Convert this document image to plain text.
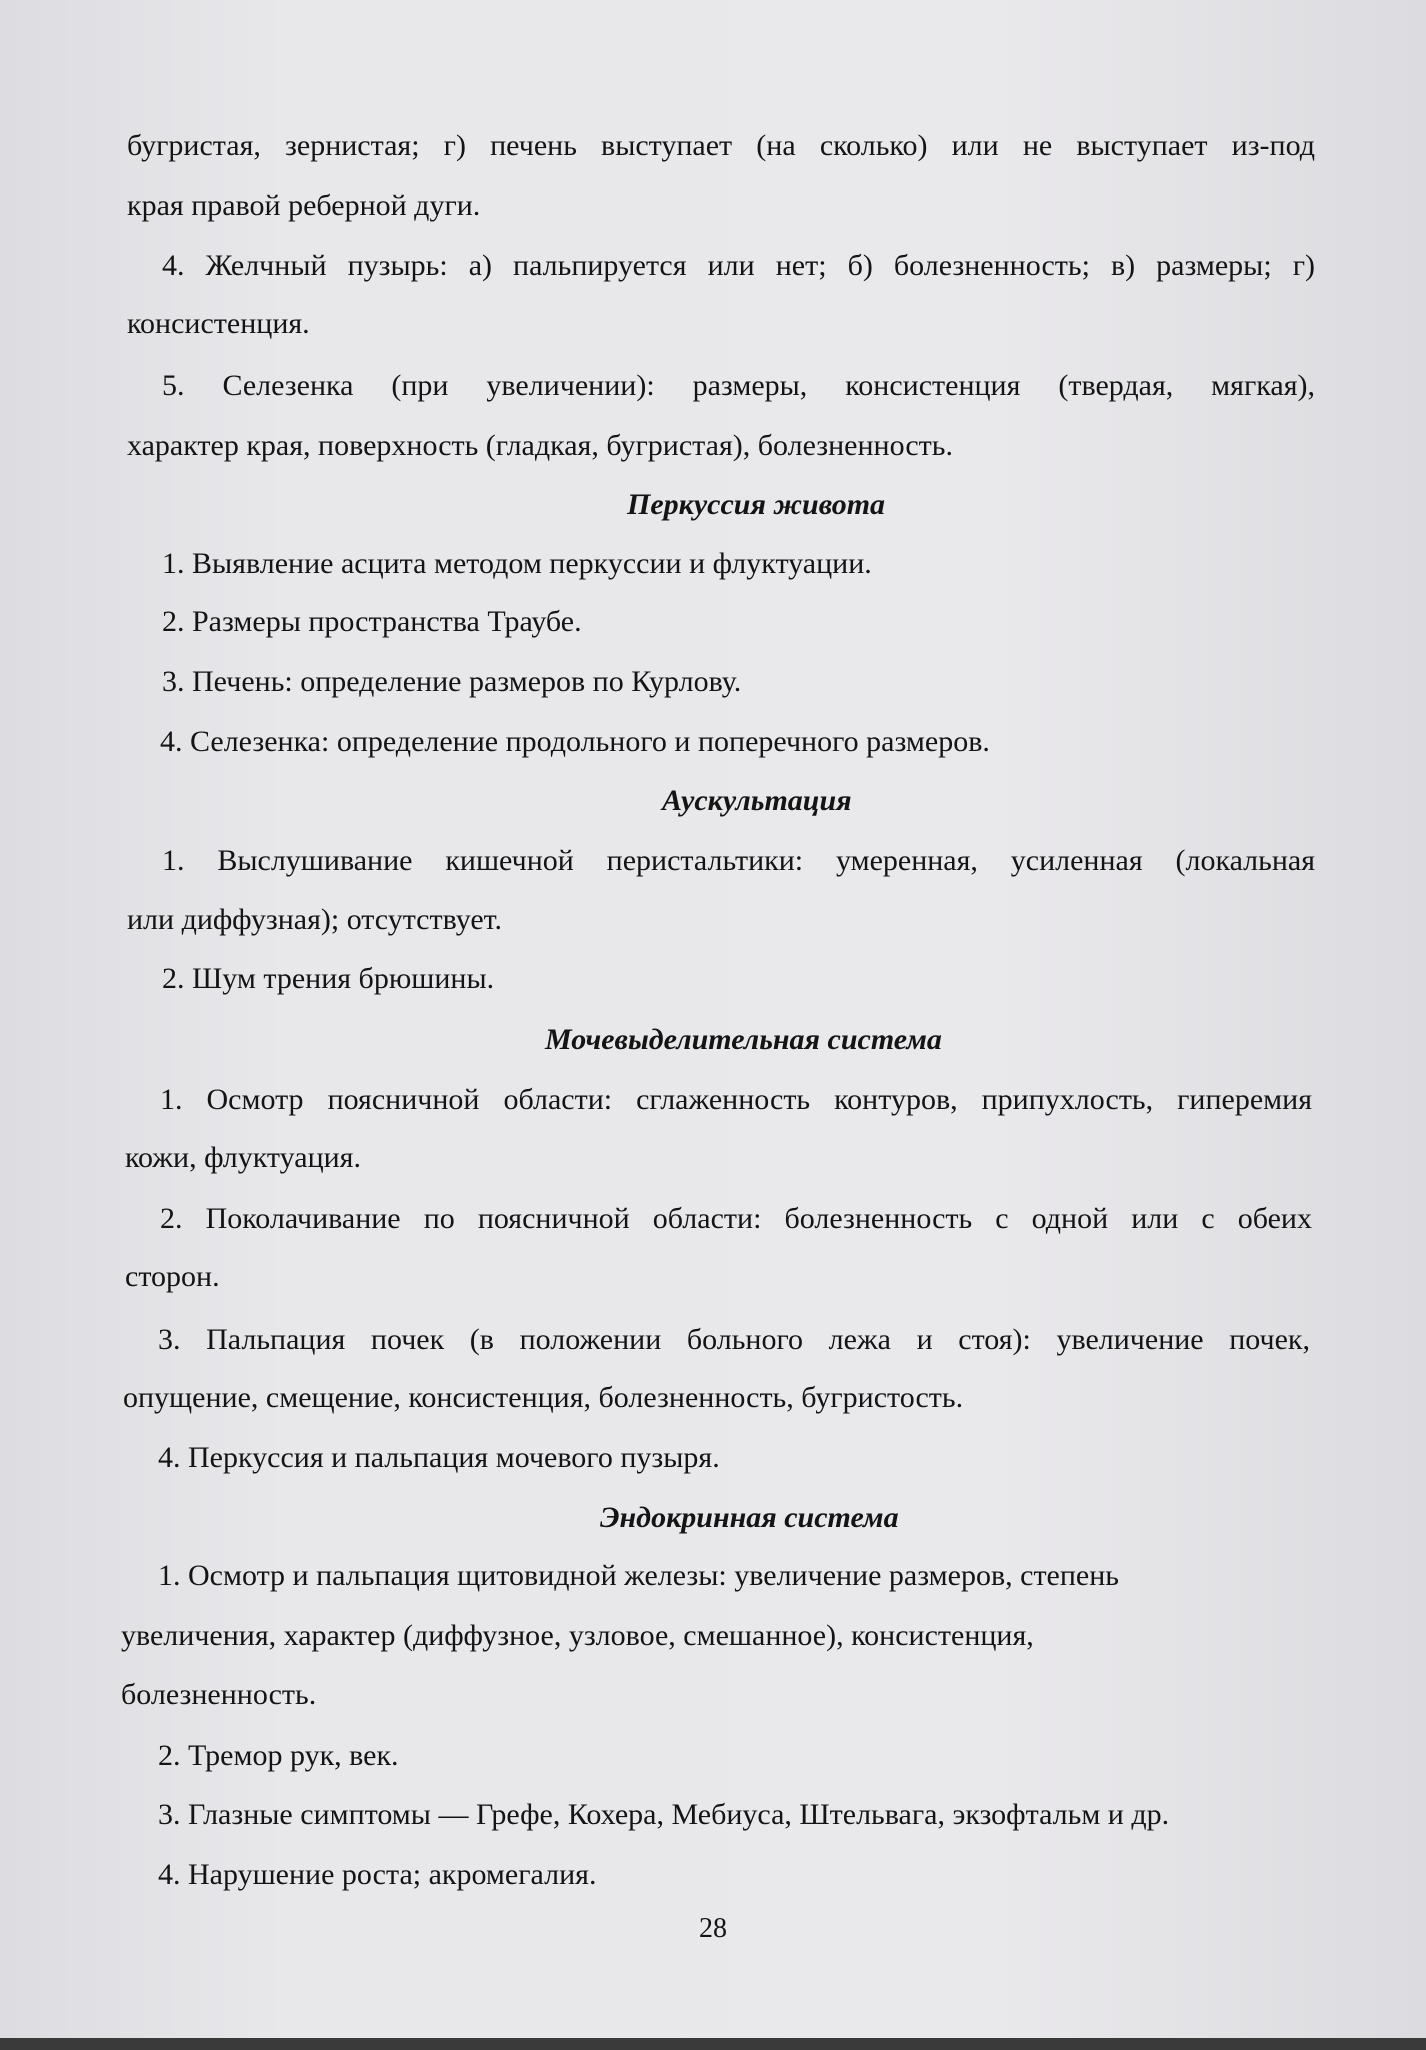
бугристая, зернистая; г) печень выступает (на сколько) или не выступает из-под
края правой реберной дуги.
4. Желчный пузырь: а) пальпируется или нет; б) болезненность; в) размеры; г)
консистенция.
5. Селезенка (при увеличении): размеры, консистенция (твердая, мягкая),
характер края, поверхность (гладкая, бугристая), болезненность.
Перкуссия живота
1. Выявление асцита методом перкуссии и флуктуации.
2. Размеры пространства Траубе.
3. Печень: определение размеров по Курлову.
4. Селезенка: определение продольного и поперечного размеров.
Аускультация
1. Выслушивание кишечной перистальтики: умеренная, усиленная (локальная
или диффузная); отсутствует.
2. Шум трения брюшины.
Мочевыделительная система
1. Осмотр поясничной области: сглаженность контуров, припухлость, гиперемия
кожи, флуктуация.
2. Поколачивание по поясничной области: болезненность с одной или с обеих
сторон.
3. Пальпация почек (в положении больного лежа и стоя): увеличение почек,
опущение, смещение, консистенция, болезненность, бугристость.
4. Перкуссия и пальпация мочевого пузыря.
Эндокринная система
1. Осмотр и пальпация щитовидной железы: увеличение размеров, степень
увеличения, характер (диффузное, узловое, смешанное), консистенция,
болезненность.
2. Тремор рук, век.
3. Глазные симптомы — Грефе, Кохера, Мебиуса, Штельвага, экзофтальм и др.
4. Нарушение роста; акромегалия.
28
